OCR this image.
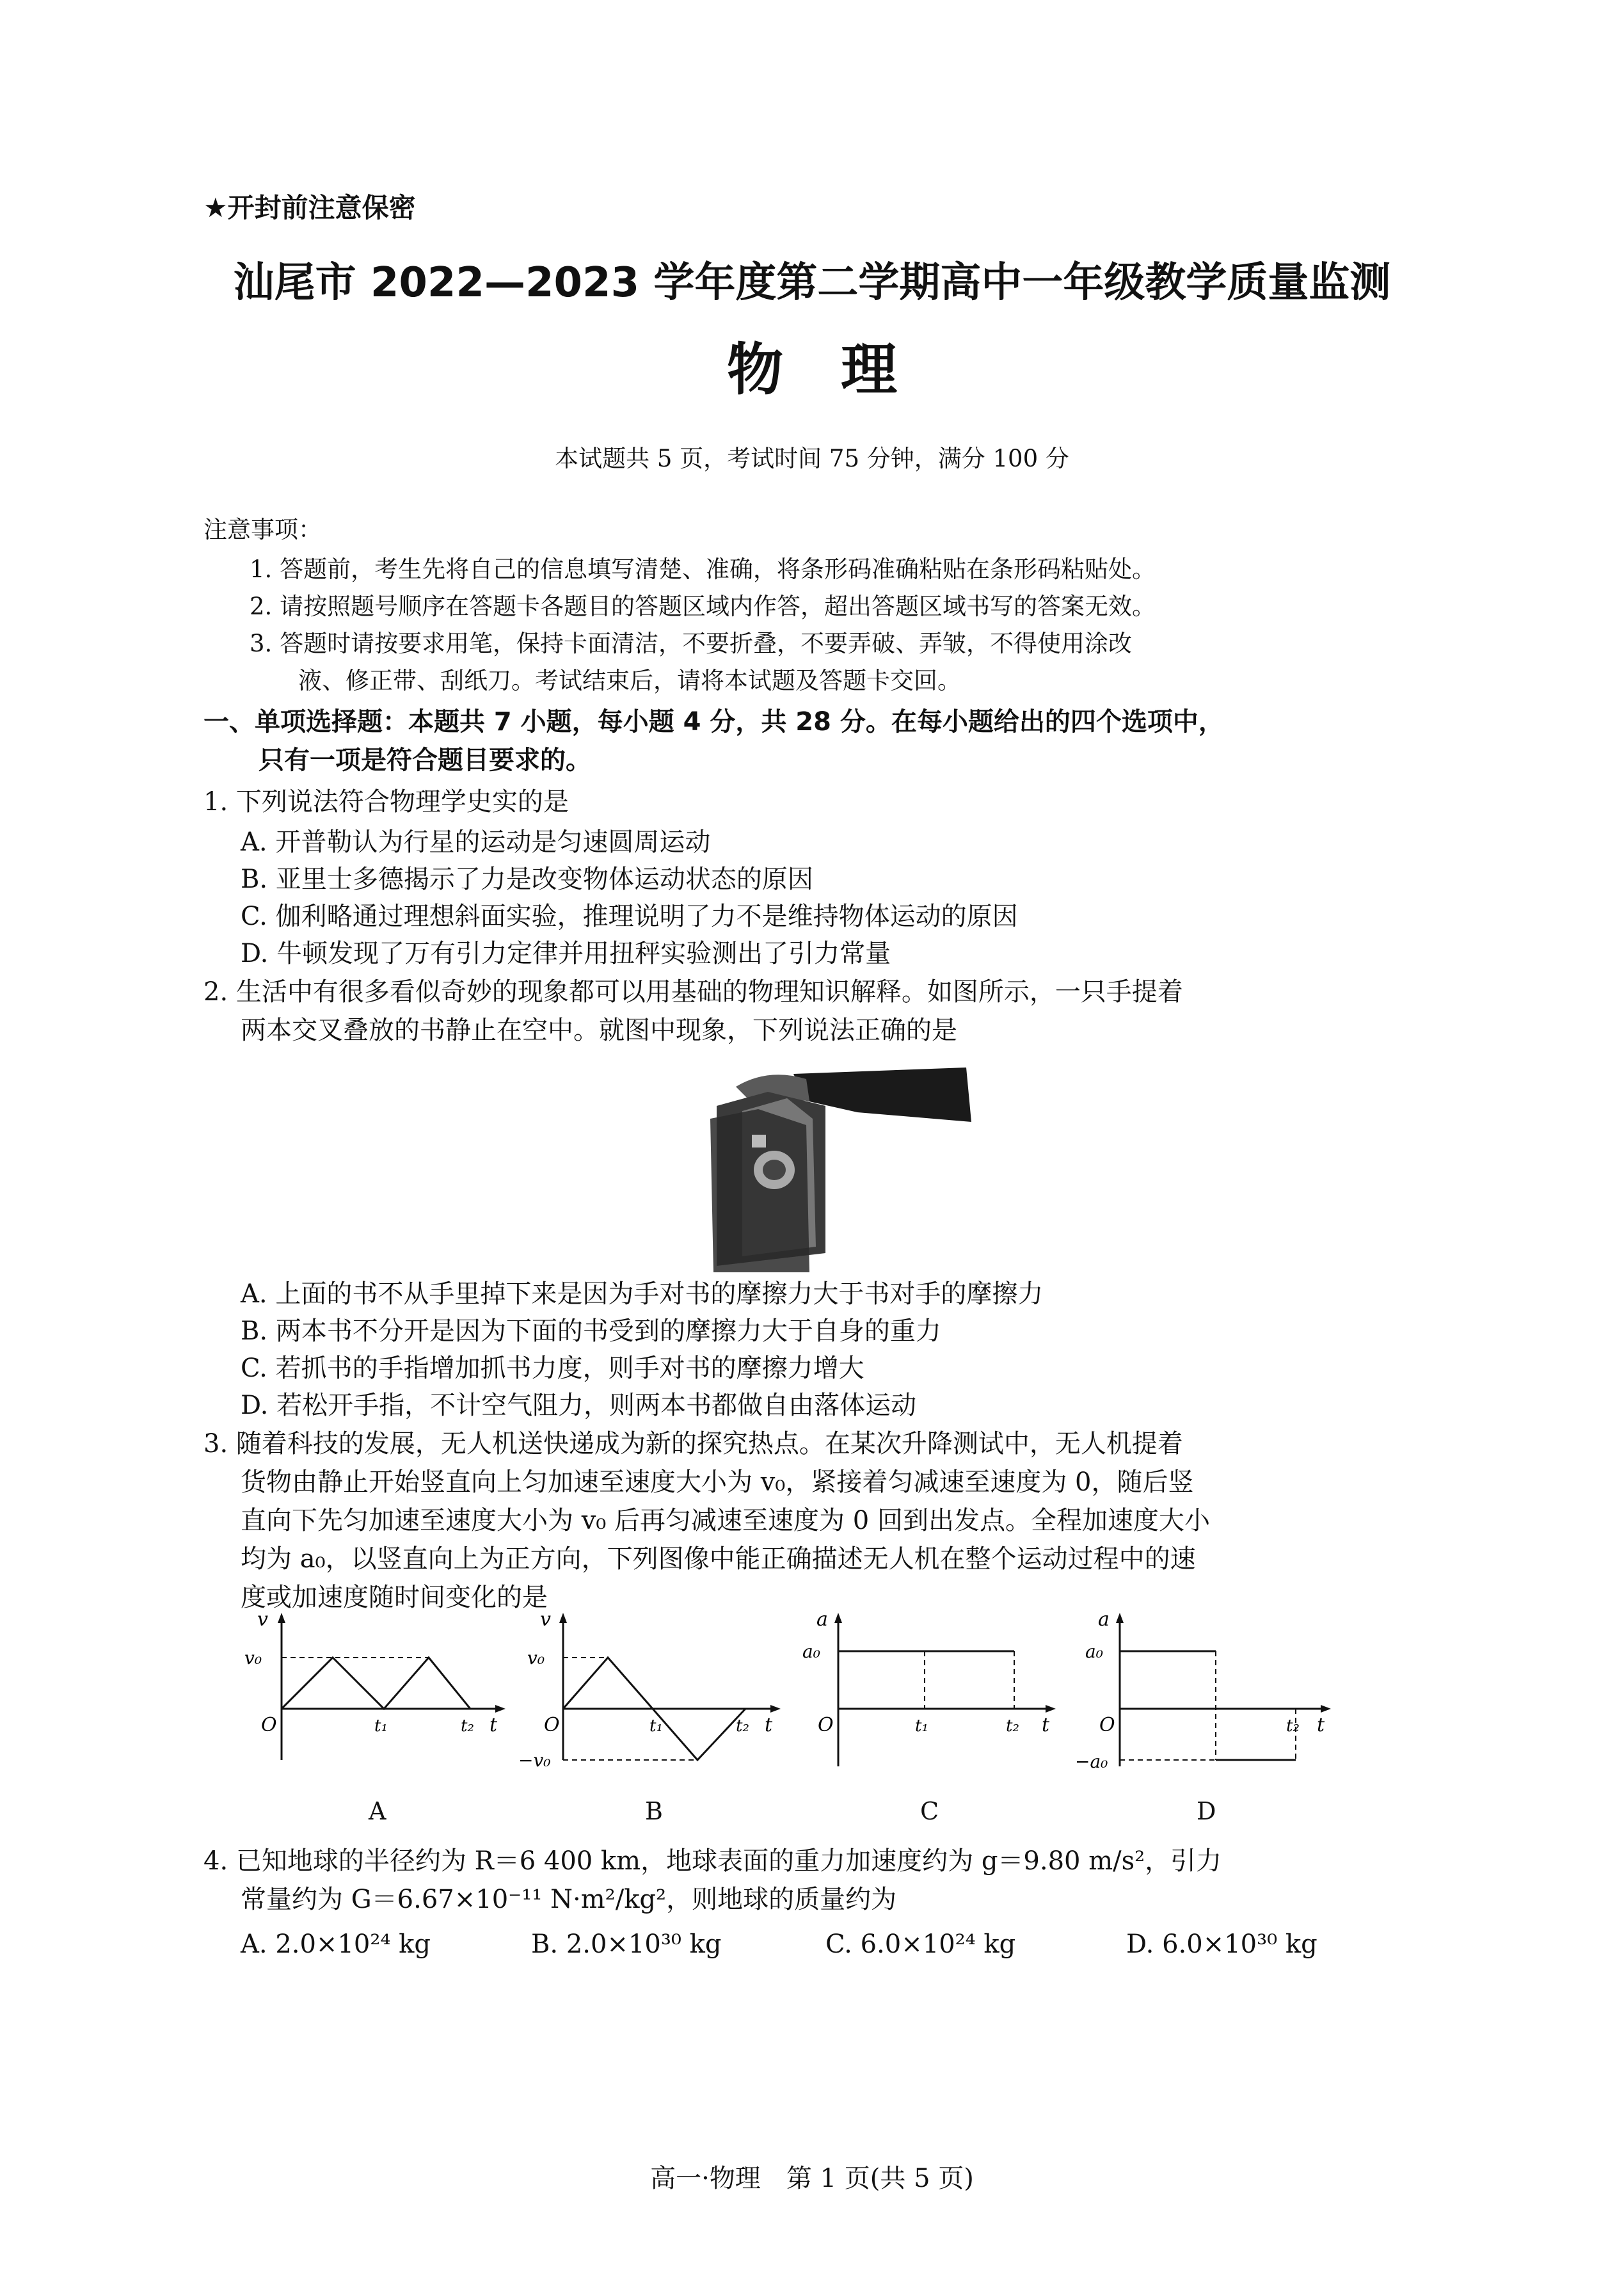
★开封前注意保密
汕尾市 2022—2023 学年度第二学期高中一年级教学质量监测
物理
本试题共 5 页，考试时间 75 分钟，满分 100 分
注意事项：
1. 答题前，考生先将自己的信息填写清楚、准确，将条形码准确粘贴在条形码粘贴处。
2. 请按照题号顺序在答题卡各题目的答题区域内作答，超出答题区域书写的答案无效。
3. 答题时请按要求用笔，保持卡面清洁，不要折叠，不要弄破、弄皱，不得使用涂改
液、修正带、刮纸刀。考试结束后，请将本试题及答题卡交回。
一、单项选择题：本题共 7 小题，每小题 4 分，共 28 分。在每小题给出的四个选项中，
只有一项是符合题目要求的。
1. 下列说法符合物理学史实的是
A. 开普勒认为行星的运动是匀速圆周运动
B. 亚里士多德揭示了力是改变物体运动状态的原因
C. 伽利略通过理想斜面实验，推理说明了力不是维持物体运动的原因
D. 牛顿发现了万有引力定律并用扭秤实验测出了引力常量
2. 生活中有很多看似奇妙的现象都可以用基础的物理知识解释。如图所示，一只手提着
两本交叉叠放的书静止在空中。就图中现象，下列说法正确的是
A. 上面的书不从手里掉下来是因为手对书的摩擦力大于书对手的摩擦力
B. 两本书不分开是因为下面的书受到的摩擦力大于自身的重力
C. 若抓书的手指增加抓书力度，则手对书的摩擦力增大
D. 若松开手指，不计空气阻力，则两本书都做自由落体运动
3. 随着科技的发展，无人机送快递成为新的探究热点。在某次升降测试中，无人机提着
货物由静止开始竖直向上匀加速至速度大小为 v₀，紧接着匀减速至速度为 0，随后竖
直向下先匀加速至速度大小为 v₀ 后再匀减速至速度为 0 回到出发点。全程加速度大小
均为 a₀，以竖直向上为正方向，下列图像中能正确描述无人机在整个运动过程中的速
度或加速度随时间变化的是
v
t
O
v₀
t₁	t₂
A
v
t
O
v₀
−v₀
t₁	t₂
B
a
t
O
a₀
t₁	t₂
C
a
t
O
a₀
−a₀
t₂
D
4. 已知地球的半径约为 R＝6 400 km，地球表面的重力加速度约为 g＝9.80 m/s²，引力
常量约为 G＝6.67×10⁻¹¹ N·m²/kg²，则地球的质量约为
A. 2.0×10²⁴ kg	B. 2.0×10³⁰ kg	C. 6.0×10²⁴ kg	D. 6.0×10³⁰ kg
高一·物理　第 1 页(共 5 页)
